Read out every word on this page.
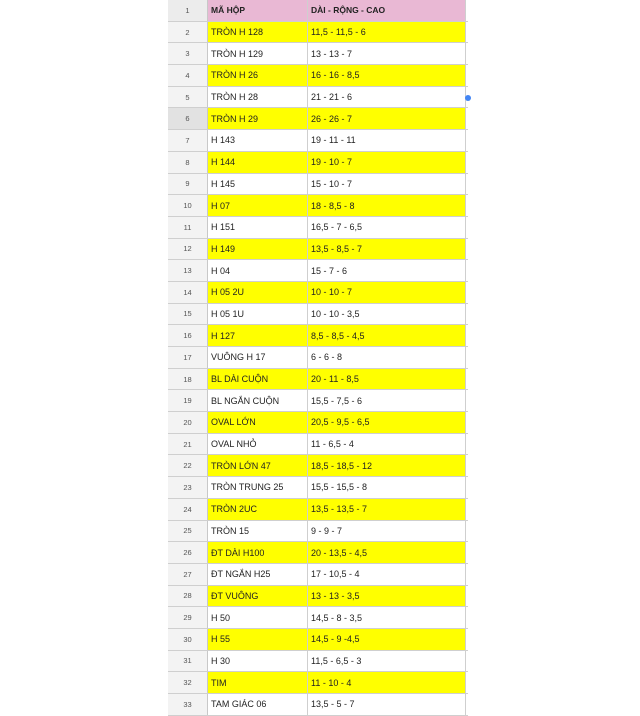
1	MÃ HỘP	DÀI - RỘNG - CAO
2	TRÒN H 128	11,5 - 11,5 - 6
3	TRÒN H 129	13 - 13 - 7
4	TRÒN H 26	16 - 16 - 8,5
5	TRÒN H 28	21 - 21 - 6
6	TRÒN H 29	26 - 26 - 7
7	H 143	19 - 11 - 11
8	H 144	19 - 10 - 7
9	H 145	15 - 10 - 7
10	H 07	18 - 8,5 - 8
11	H 151	16,5 - 7 - 6,5
12	H 149	13,5 - 8,5 - 7
13	H 04	15 - 7 - 6
14	H 05 2U	10 - 10 - 7
15	H 05 1U	10 - 10 - 3,5
16	H 127	8,5 - 8,5 - 4,5
17	VUÔNG H 17	6 - 6 - 8
18	BL DÀI CUỘN	20 - 11 - 8,5
19	BL NGẮN CUỘN	15,5 - 7,5 - 6
20	OVAL LỚN	20,5 - 9,5 - 6,5
21	OVAL NHỎ	11 - 6,5 - 4
22	TRÒN LỚN 47	18,5 - 18,5 - 12
23	TRÒN TRUNG 25	15,5 - 15,5 - 8
24	TRÒN 2UC	13,5 - 13,5 - 7
25	TRÒN 15	9 - 9 - 7
26	ĐT DÀI H100	20 - 13,5 - 4,5
27	ĐT NGẮN H25	17 - 10,5 - 4
28	ĐT VUÔNG	13 - 13 - 3,5
29	H 50	14,5 - 8 - 3,5
30	H 55	14,5 - 9 -4,5
31	H 30	11,5 - 6,5 - 3
32	TIM	11 - 10 - 4
33	TAM GIÁC 06	13,5 - 5 - 7
